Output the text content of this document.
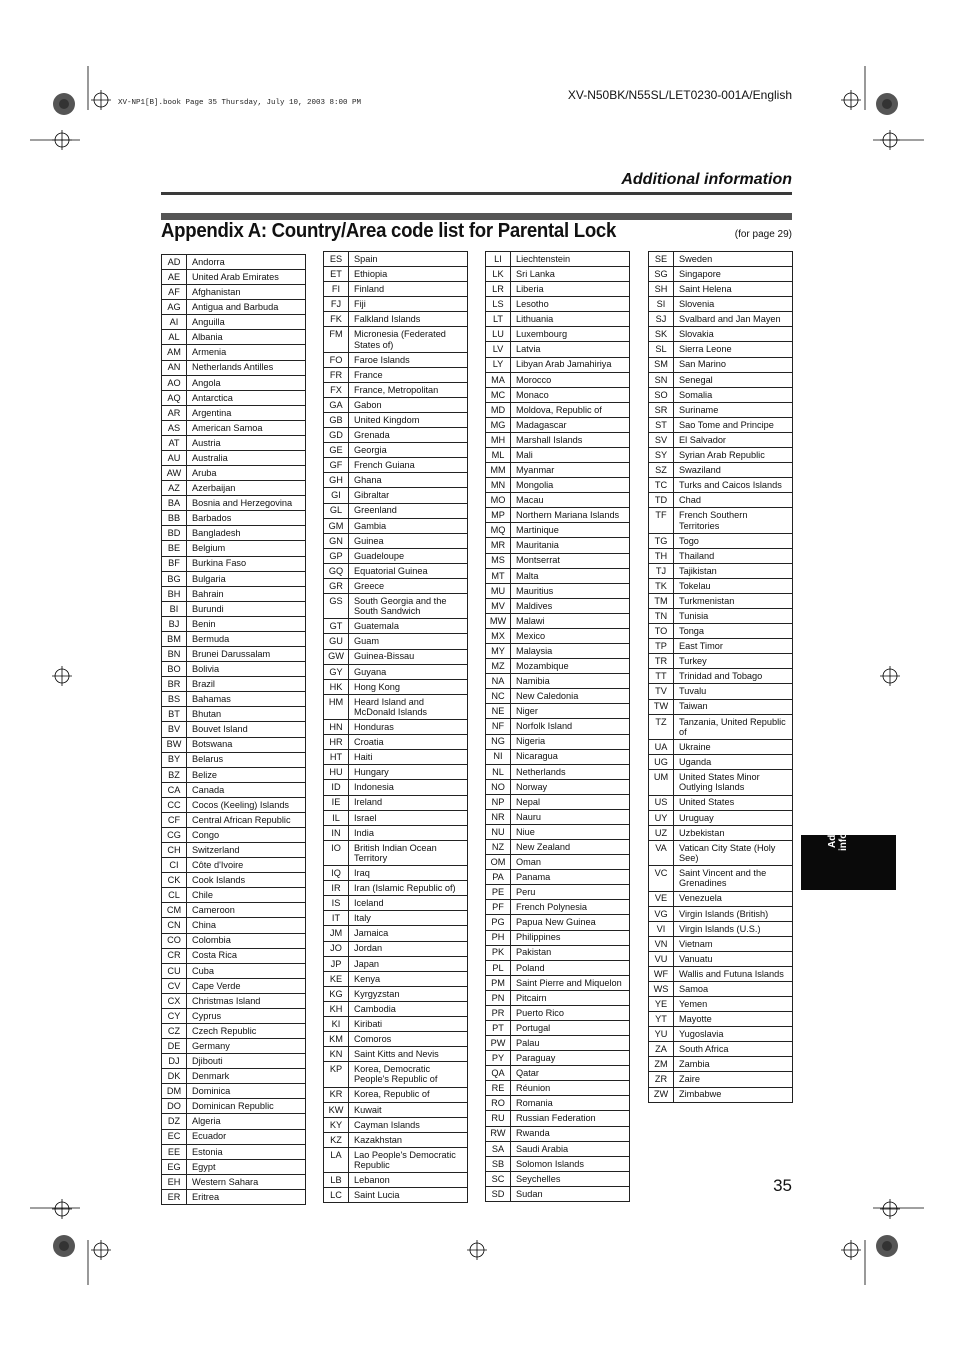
XV-NP1[B].book Page 35 Thursday, July 10, 2003 8:00 PM
XV-N50BK/N55SL/LET0230-001A/English
Additional information
Appendix A: Country/Area code list for Parental Lock	(for page 29)
AD	Andorra
AE	United Arab Emirates
AF	Afghanistan
AG	Antigua and Barbuda
AI	Anguilla
AL	Albania
AM	Armenia
AN	Netherlands Antilles
AO	Angola
AQ	Antarctica
AR	Argentina
AS	American Samoa
AT	Austria
AU	Australia
AW	Aruba
AZ	Azerbaijan
BA	Bosnia and Herzegovina
BB	Barbados
BD	Bangladesh
BE	Belgium
BF	Burkina Faso
BG	Bulgaria
BH	Bahrain
BI	Burundi
BJ	Benin
BM	Bermuda
BN	Brunei Darussalam
BO	Bolivia
BR	Brazil
BS	Bahamas
BT	Bhutan
BV	Bouvet Island
BW	Botswana
BY	Belarus
BZ	Belize
CA	Canada
CC	Cocos (Keeling) Islands
CF	Central African Republic
CG	Congo
CH	Switzerland
CI	Côte d'Ivoire
CK	Cook Islands
CL	Chile
CM	Cameroon
CN	China
CO	Colombia
CR	Costa Rica
CU	Cuba
CV	Cape Verde
CX	Christmas Island
CY	Cyprus
CZ	Czech Republic
DE	Germany
DJ	Djibouti
DK	Denmark
DM	Dominica
DO	Dominican Republic
DZ	Algeria
EC	Ecuador
EE	Estonia
EG	Egypt
EH	Western Sahara
ER	Eritrea
ES	Spain
ET	Ethiopia
FI	Finland
FJ	Fiji
FK	Falkland Islands
FM	Micronesia (Federated States of)
FO	Faroe Islands
FR	France
FX	France, Metropolitan
GA	Gabon
GB	United Kingdom
GD	Grenada
GE	Georgia
GF	French Guiana
GH	Ghana
GI	Gibraltar
GL	Greenland
GM	Gambia
GN	Guinea
GP	Guadeloupe
GQ	Equatorial Guinea
GR	Greece
GS	South Georgia and the South Sandwich
GT	Guatemala
GU	Guam
GW	Guinea-Bissau
GY	Guyana
HK	Hong Kong
HM	Heard Island and McDonald Islands
HN	Honduras
HR	Croatia
HT	Haiti
HU	Hungary
ID	Indonesia
IE	Ireland
IL	Israel
IN	India
IO	British Indian Ocean Territory
IQ	Iraq
IR	Iran (Islamic Republic of)
IS	Iceland
IT	Italy
JM	Jamaica
JO	Jordan
JP	Japan
KE	Kenya
KG	Kyrgyzstan
KH	Cambodia
KI	Kiribati
KM	Comoros
KN	Saint Kitts and Nevis
KP	Korea, Democratic People's Republic of
KR	Korea, Republic of
KW	Kuwait
KY	Cayman Islands
KZ	Kazakhstan
LA	Lao People's Democratic Republic
LB	Lebanon
LC	Saint Lucia
LI	Liechtenstein
LK	Sri Lanka
LR	Liberia
LS	Lesotho
LT	Lithuania
LU	Luxembourg
LV	Latvia
LY	Libyan Arab Jamahiriya
MA	Morocco
MC	Monaco
MD	Moldova, Republic of
MG	Madagascar
MH	Marshall Islands
ML	Mali
MM	Myanmar
MN	Mongolia
MO	Macau
MP	Northern Mariana Islands
MQ	Martinique
MR	Mauritania
MS	Montserrat
MT	Malta
MU	Mauritius
MV	Maldives
MW	Malawi
MX	Mexico
MY	Malaysia
MZ	Mozambique
NA	Namibia
NC	New Caledonia
NE	Niger
NF	Norfolk Island
NG	Nigeria
NI	Nicaragua
NL	Netherlands
NO	Norway
NP	Nepal
NR	Nauru
NU	Niue
NZ	New Zealand
OM	Oman
PA	Panama
PE	Peru
PF	French Polynesia
PG	Papua New Guinea
PH	Philippines
PK	Pakistan
PL	Poland
PM	Saint Pierre and Miquelon
PN	Pitcairn
PR	Puerto Rico
PT	Portugal
PW	Palau
PY	Paraguay
QA	Qatar
RE	Réunion
RO	Romania
RU	Russian Federation
RW	Rwanda
SA	Saudi Arabia
SB	Solomon Islands
SC	Seychelles
SD	Sudan
SE	Sweden
SG	Singapore
SH	Saint Helena
SI	Slovenia
SJ	Svalbard and Jan Mayen
SK	Slovakia
SL	Sierra Leone
SM	San Marino
SN	Senegal
SO	Somalia
SR	Suriname
ST	Sao Tome and Principe
SV	El Salvador
SY	Syrian Arab Republic
SZ	Swaziland
TC	Turks and Caicos Islands
TD	Chad
TF	French Southern Territories
TG	Togo
TH	Thailand
TJ	Tajikistan
TK	Tokelau
TM	Turkmenistan
TN	Tunisia
TO	Tonga
TP	East Timor
TR	Turkey
TT	Trinidad and Tobago
TV	Tuvalu
TW	Taiwan
TZ	Tanzania, United Republic of
UA	Ukraine
UG	Uganda
UM	United States Minor Outlying Islands
US	United States
UY	Uruguay
UZ	Uzbekistan
VA	Vatican City State (Holy See)
VC	Saint Vincent and the Grenadines
VE	Venezuela
VG	Virgin Islands (British)
VI	Virgin Islands (U.S.)
VN	Vietnam
VU	Vanuatu
WF	Wallis and Futuna Islands
WS	Samoa
YE	Yemen
YT	Mayotte
YU	Yugoslavia
ZA	South Africa
ZM	Zambia
ZR	Zaire
ZW	Zimbabwe
Additional information
35
